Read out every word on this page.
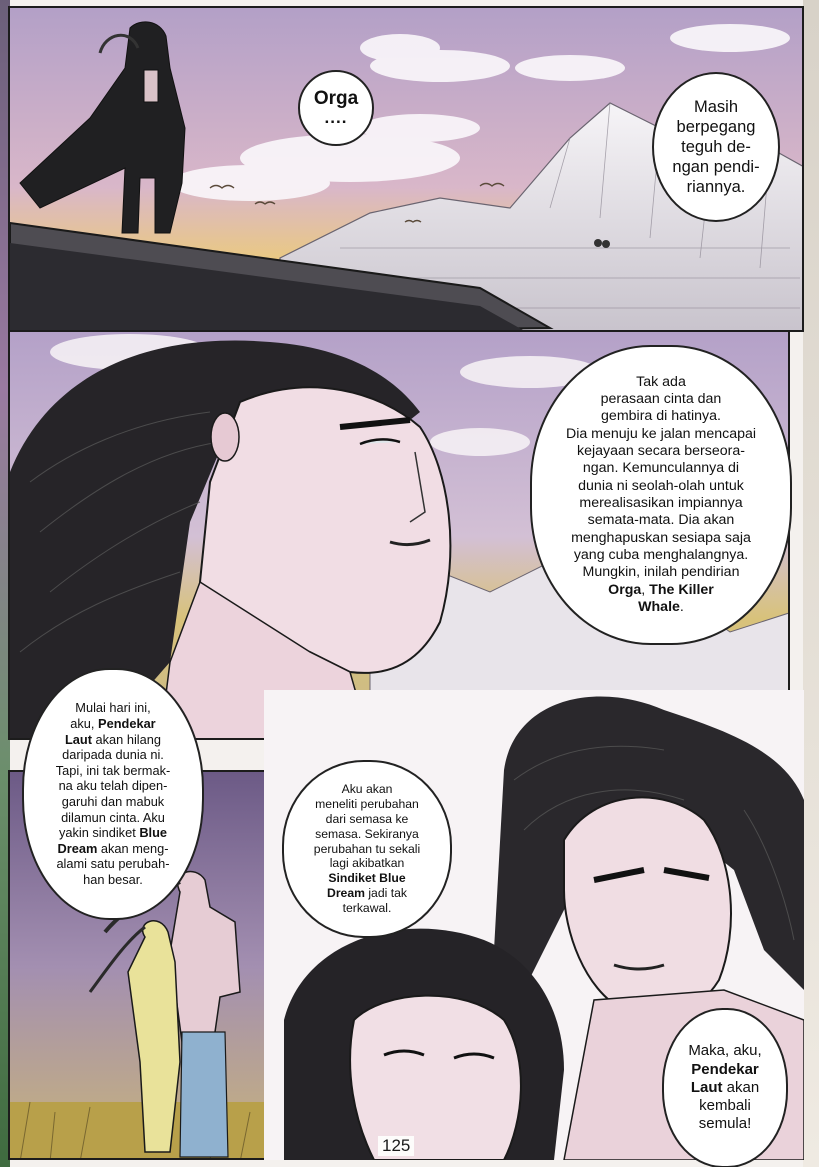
Orga
....
Masih
berpegang
teguh de-
ngan pendi-
riannya.
Tak ada
perasaan cinta dan
gembira di hatinya.
Dia menuju ke jalan mencapai
kejayaan secara berseora-
ngan. Kemunculannya di
dunia ni seolah-olah untuk
merealisasikan impiannya
semata-mata. Dia akan
menghapuskan sesiapa saja
yang cuba menghalangnya.
Mungkin, inilah pendirian
Orga, The Killer
Whale.
Mulai hari ini,
aku, Pendekar
Laut akan hilang
daripada dunia ni.
Tapi, ini tak bermak-
na aku telah dipen-
garuhi dan mabuk
dilamun cinta. Aku
yakin sindiket Blue
Dream akan meng-
alami satu perubah-
han besar.
Aku akan
meneliti perubahan
dari semasa ke
semasa. Sekiranya
perubahan tu sekali
lagi akibatkan
Sindiket Blue
Dream jadi tak
terkawal.
Maka, aku,
Pendekar
Laut akan
kembali
semula!
125
